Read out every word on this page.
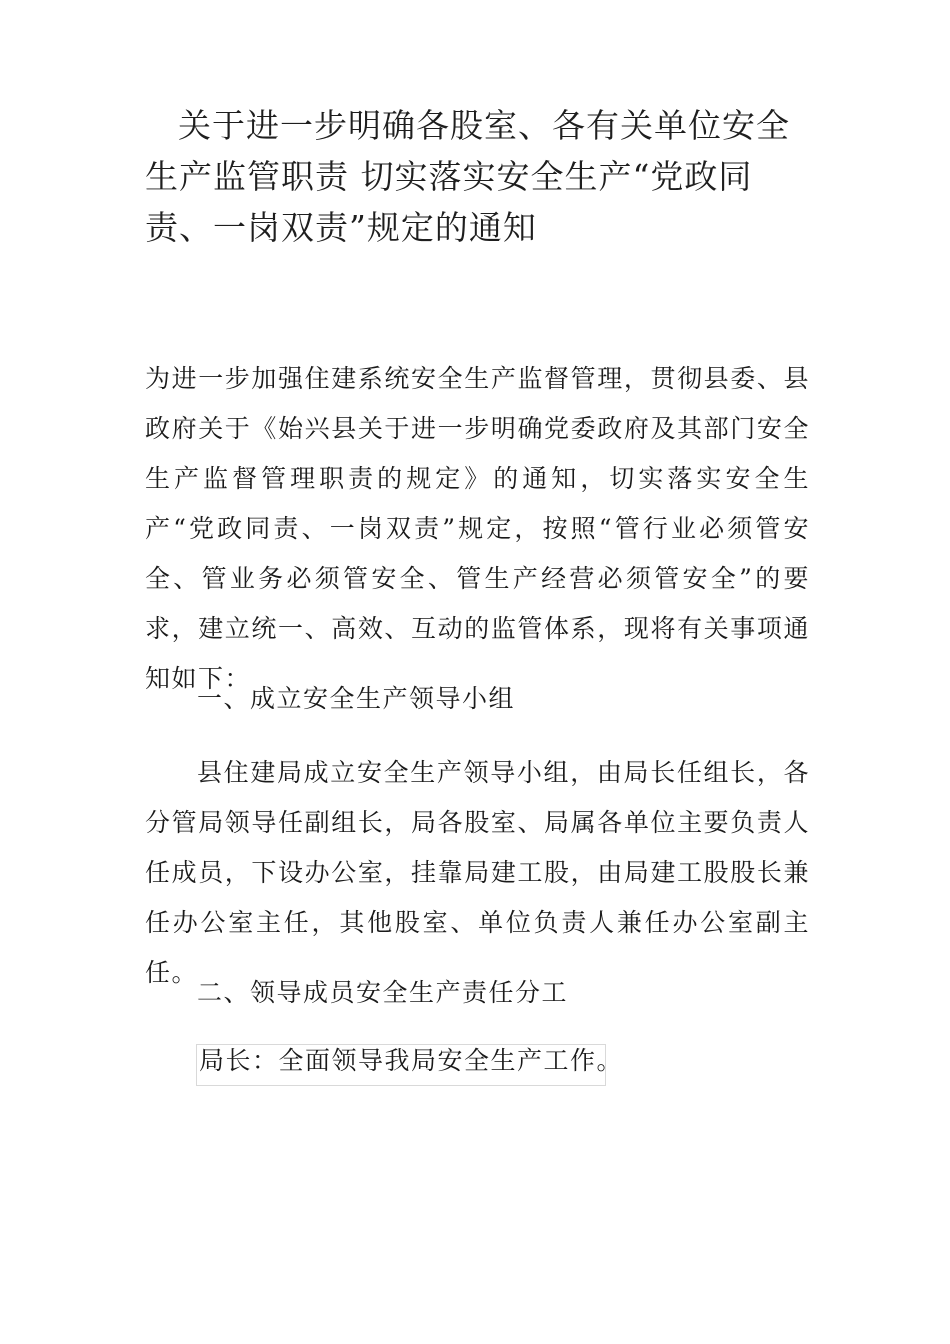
关于进一步明确各股室、各有关单位安全生产监管职责 切实落实安全生产“党政同责、一岗双责”规定的通知

为进一步加强住建系统安全生产监督管理，贯彻县委、县政府关于《始兴县关于进一步明确党委政府及其部门安全生产监督管理职责的规定》的通知，切实落实安全生产“党政同责、一岗双责”规定，按照“管行业必须管安全、管业务必须管安全、管生产经营必须管安全”的要求，建立统一、高效、互动的监管体系，现将有关事项通知如下：

一、成立安全生产领导小组

县住建局成立安全生产领导小组，由局长任组长，各分管局领导任副组长，局各股室、局属各单位主要负责人任成员，下设办公室，挂靠局建工股，由局建工股股长兼任办公室主任，其他股室、单位负责人兼任办公室副主任。

二、领导成员安全生产责任分工

局长：全面领导我局安全生产工作。
